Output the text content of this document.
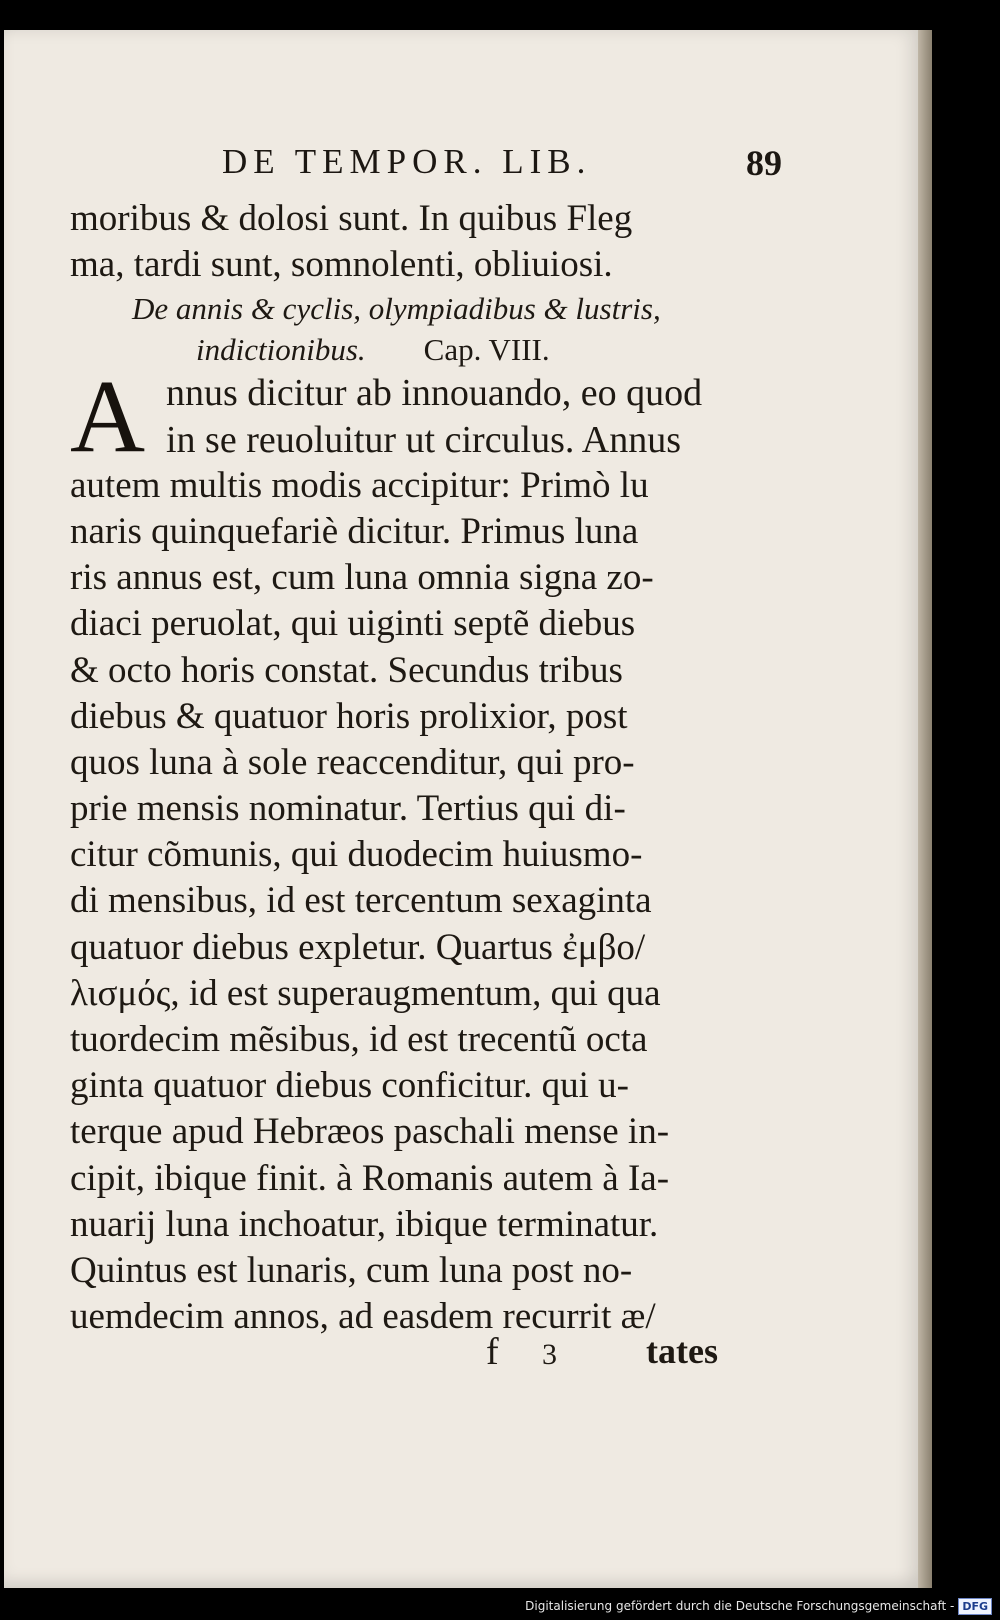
DE TEMPOR. LIB.	89
moribus & dolosi sunt. In quibus Fleg
ma, tardi sunt, somnolenti, obliuiosi.
De annis & cyclis, olympiadibus & lustris,
indictionibus. Cap. VIII.
A nnus dicitur ab innouando, eo quod
in se reuoluitur ut circulus. Annus
autem multis modis accipitur: Primò lu
naris quinquefariè dicitur. Primus luna
ris annus est, cum luna omnia signa zo-
diaci peruolat, qui uiginti septẽ diebus
& octo horis constat. Secundus tribus
diebus & quatuor horis prolixior, post
quos luna à sole reaccenditur, qui pro-
prie mensis nominatur. Tertius qui di-
citur cõmunis, qui duodecim huiusmo-
di mensibus, id est tercentum sexaginta
quatuor diebus expletur. Quartus ἐμβο/
λισμός, id est superaugmentum, qui qua
tuordecim mẽsibus, id est trecentũ octa
ginta quatuor diebus conficitur. qui u-
terque apud Hebræos paschali mense in-
cipit, ibique finit. à Romanis autem à Ia-
nuarij luna inchoatur, ibique terminatur.
Quintus est lunaris, cum luna post no-
uemdecim annos, ad easdem recurrit æ/
f 3 tates
Digitalisierung gefördert durch die Deutsche Forschungsgemeinschaft - DFG
